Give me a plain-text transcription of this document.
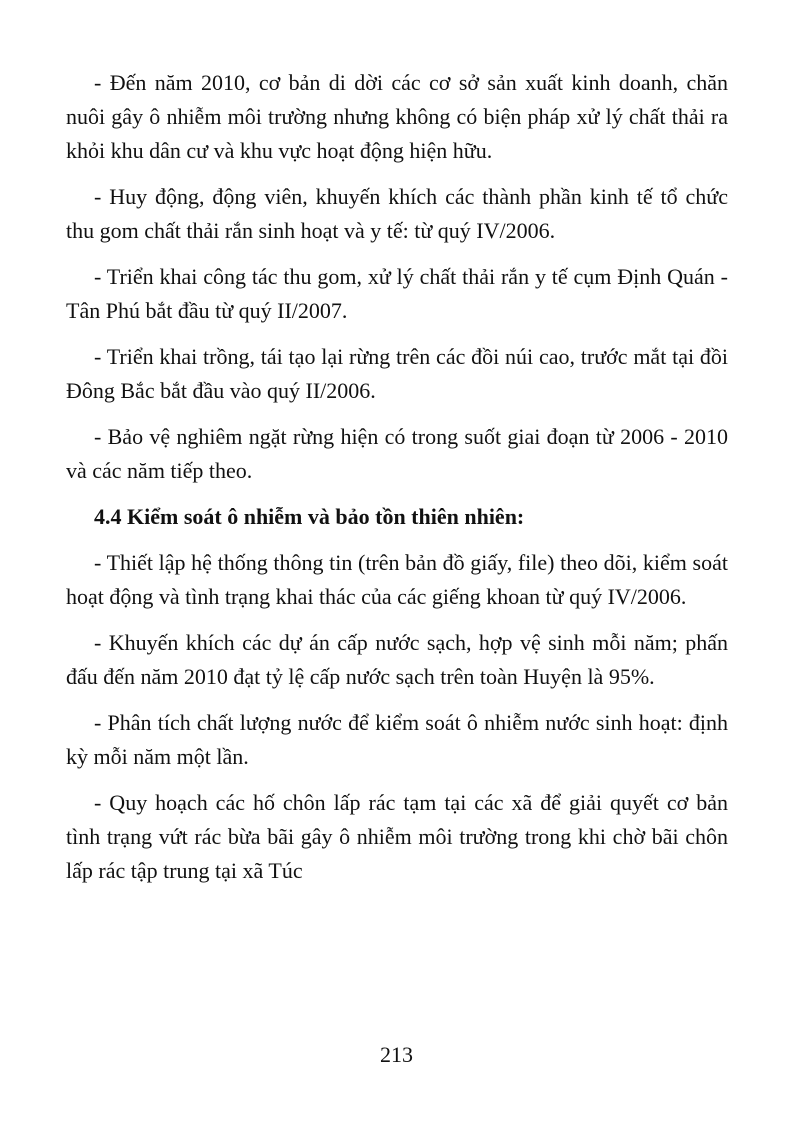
- Đến năm 2010, cơ bản di dời các cơ sở sản xuất kinh doanh, chăn nuôi gây ô nhiễm môi trường nhưng không có biện pháp xử lý chất thải ra khỏi khu dân cư và khu vực hoạt động hiện hữu.

- Huy động, động viên, khuyến khích các thành phần kinh tế tổ chức thu gom chất thải rắn sinh hoạt và y tế: từ quý IV/2006.

- Triển khai công tác thu gom, xử lý chất thải rắn y tế cụm Định Quán - Tân Phú bắt đầu từ quý II/2007.

- Triển khai trồng, tái tạo lại rừng trên các đồi núi cao, trước mắt tại đồi Đông Bắc bắt đầu vào quý II/2006.

- Bảo vệ nghiêm ngặt rừng hiện có trong suốt giai đoạn từ 2006 - 2010 và các năm tiếp theo.

4.4 Kiểm soát ô nhiễm và bảo tồn thiên nhiên:

- Thiết lập hệ thống thông tin (trên bản đồ giấy, file) theo dõi, kiểm soát hoạt động và tình trạng khai thác của các giếng khoan từ quý IV/2006.

- Khuyến khích các dự án cấp nước sạch, hợp vệ sinh mỗi năm; phấn đấu đến năm 2010 đạt tỷ lệ cấp nước sạch trên toàn Huyện là 95%.

- Phân tích chất lượng nước để kiểm soát ô nhiễm nước sinh hoạt: định kỳ mỗi năm một lần.

- Quy hoạch các hố chôn lấp rác tạm tại các xã để giải quyết cơ bản tình trạng vứt rác bừa bãi gây ô nhiễm môi trường trong khi chờ bãi chôn lấp rác tập trung tại xã Túc

213
